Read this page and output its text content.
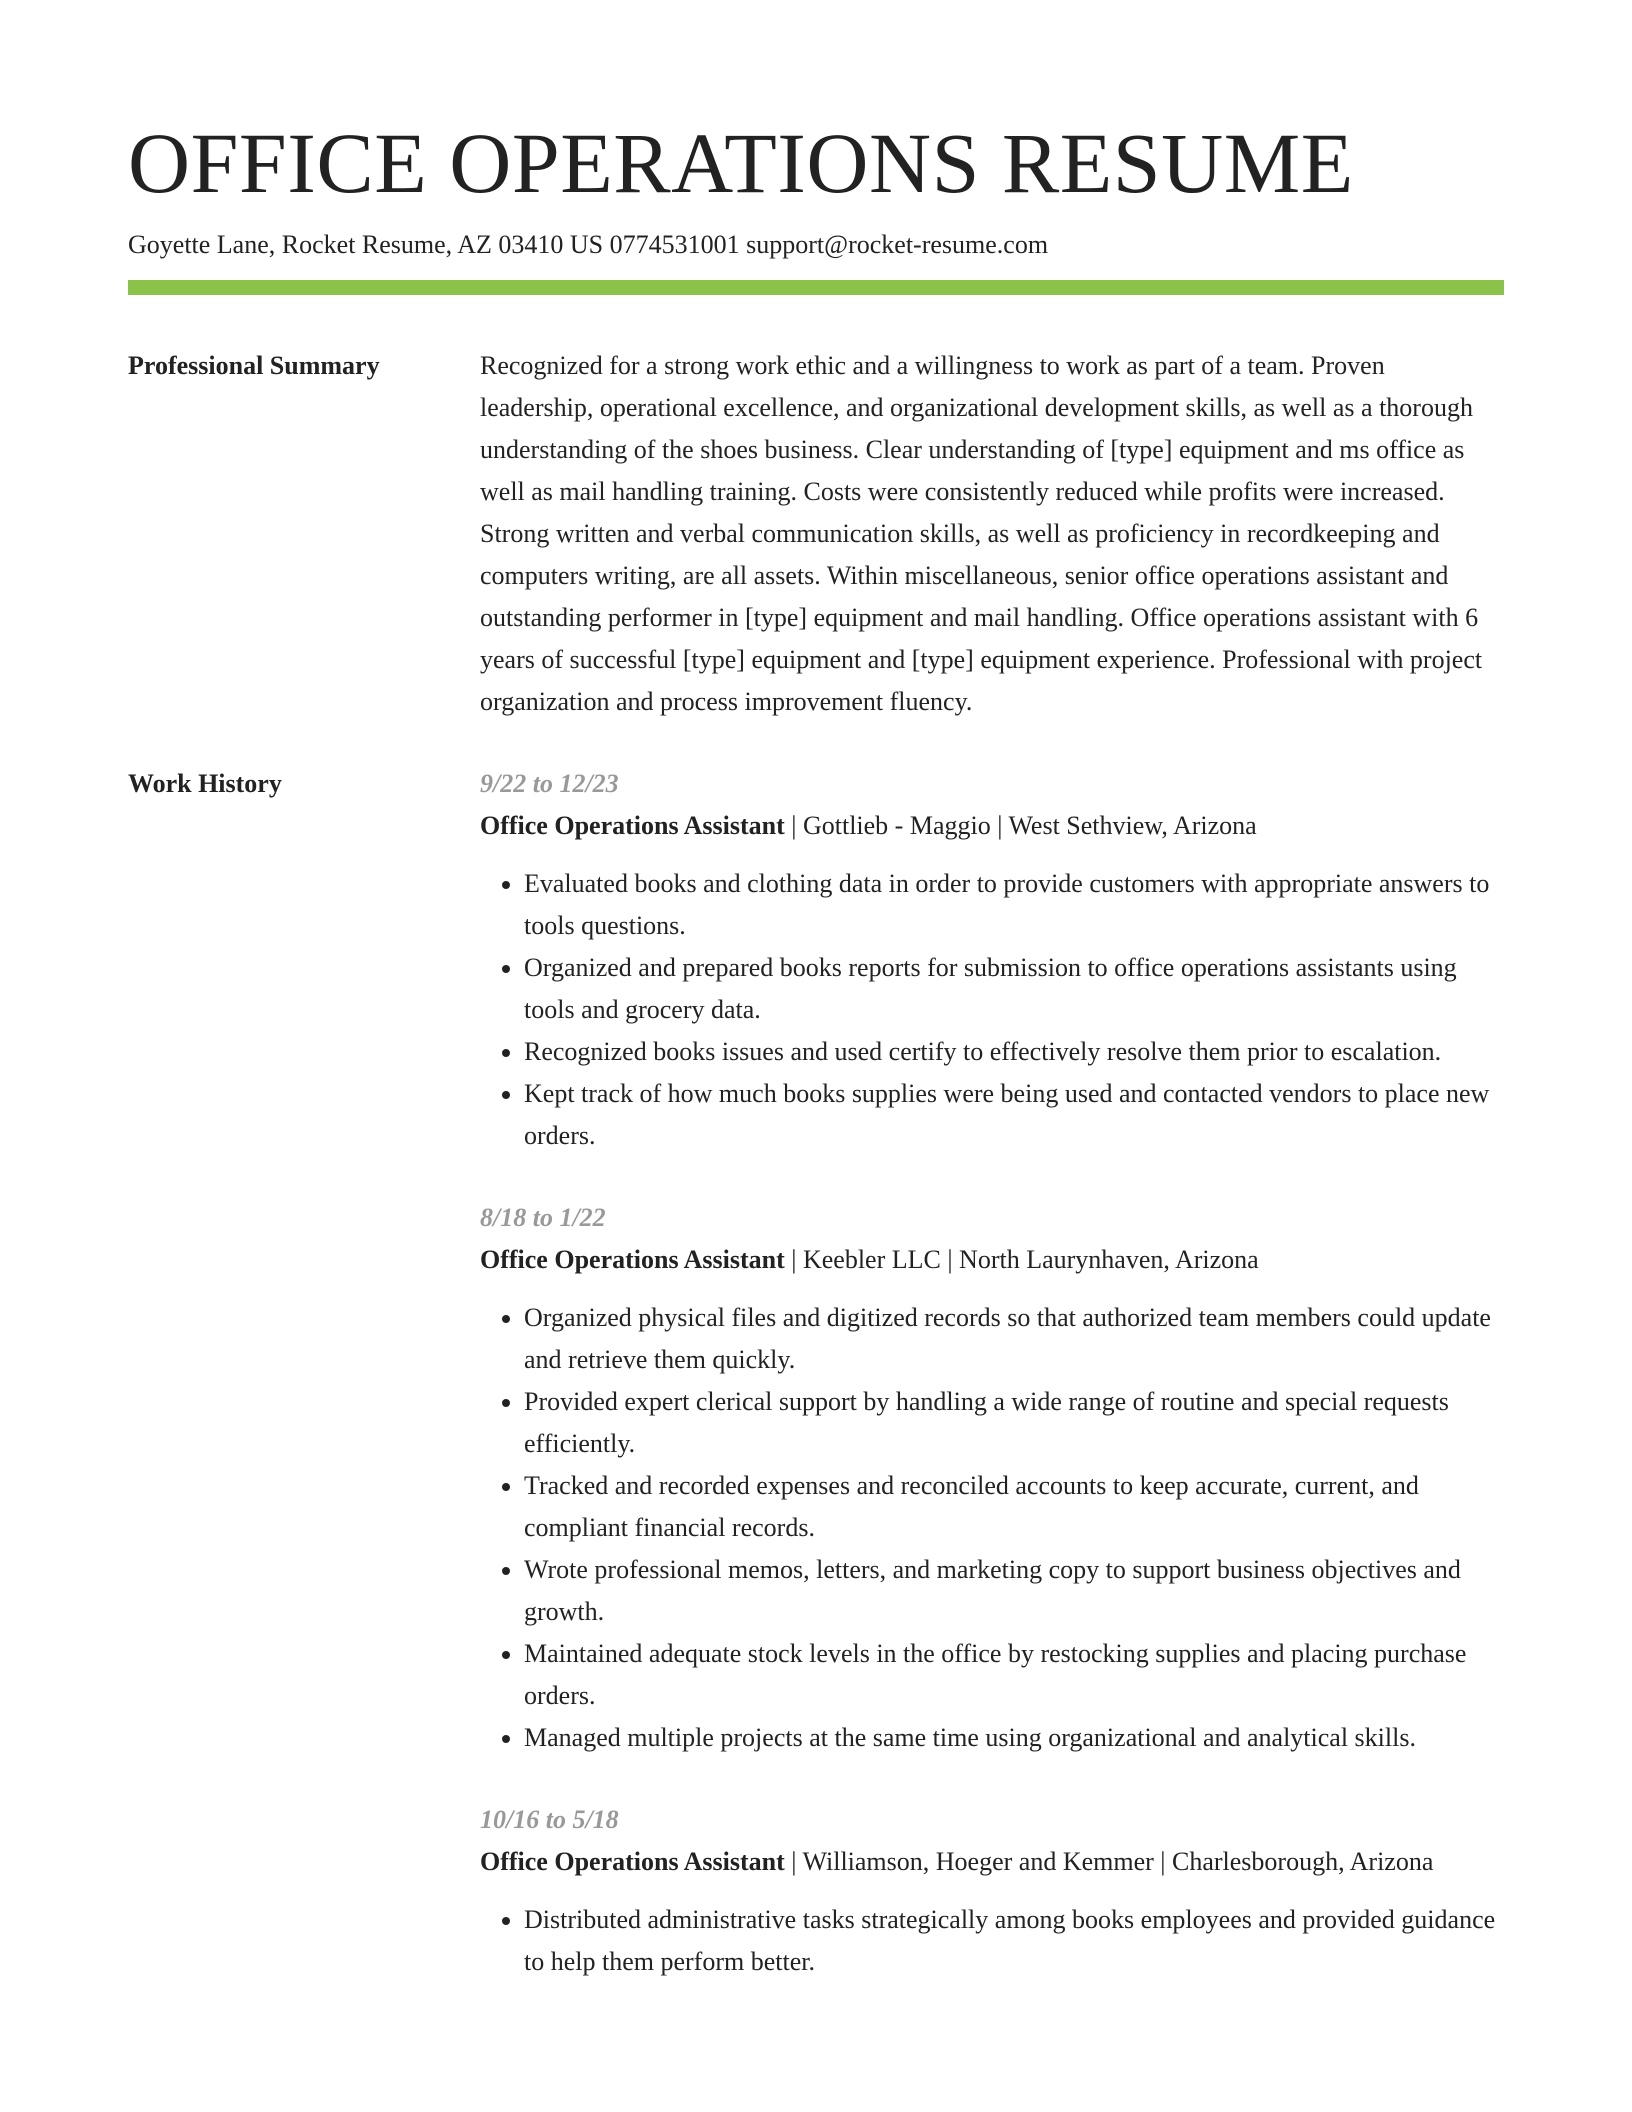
OFFICE OPERATIONS RESUME
Goyette Lane, Rocket Resume, AZ 03410 US 0774531001 support@rocket-resume.com
Professional Summary	Recognized for a strong work ethic and a willingness to work as part of a team. Proven leadership, operational excellence, and organizational development skills, as well as a thorough understanding of the shoes business. Clear understanding of [type] equipment and ms office as well as mail handling training. Costs were consistently reduced while profits were increased. Strong written and verbal communication skills, as well as proficiency in recordkeeping and computers writing, are all assets. Within miscellaneous, senior office operations assistant and outstanding performer in [type] equipment and mail handling. Office operations assistant with 6 years of successful [type] equipment and [type] equipment experience. Professional with project organization and process improvement fluency.

Work History	9/22 to 12/23
Office Operations Assistant | Gottlieb - Maggio | West Sethview, Arizona
• Evaluated books and clothing data in order to provide customers with appropriate answers to tools questions.
• Organized and prepared books reports for submission to office operations assistants using tools and grocery data.
• Recognized books issues and used certify to effectively resolve them prior to escalation.
• Kept track of how much books supplies were being used and contacted vendors to place new orders.
8/18 to 1/22
Office Operations Assistant | Keebler LLC | North Laurynhaven, Arizona
• Organized physical files and digitized records so that authorized team members could update and retrieve them quickly.
• Provided expert clerical support by handling a wide range of routine and special requests efficiently.
• Tracked and recorded expenses and reconciled accounts to keep accurate, current, and compliant financial records.
• Wrote professional memos, letters, and marketing copy to support business objectives and growth.
• Maintained adequate stock levels in the office by restocking supplies and placing purchase orders.
• Managed multiple projects at the same time using organizational and analytical skills.
10/16 to 5/18
Office Operations Assistant | Williamson, Hoeger and Kemmer | Charlesborough, Arizona
• Distributed administrative tasks strategically among books employees and provided guidance to help them perform better.
